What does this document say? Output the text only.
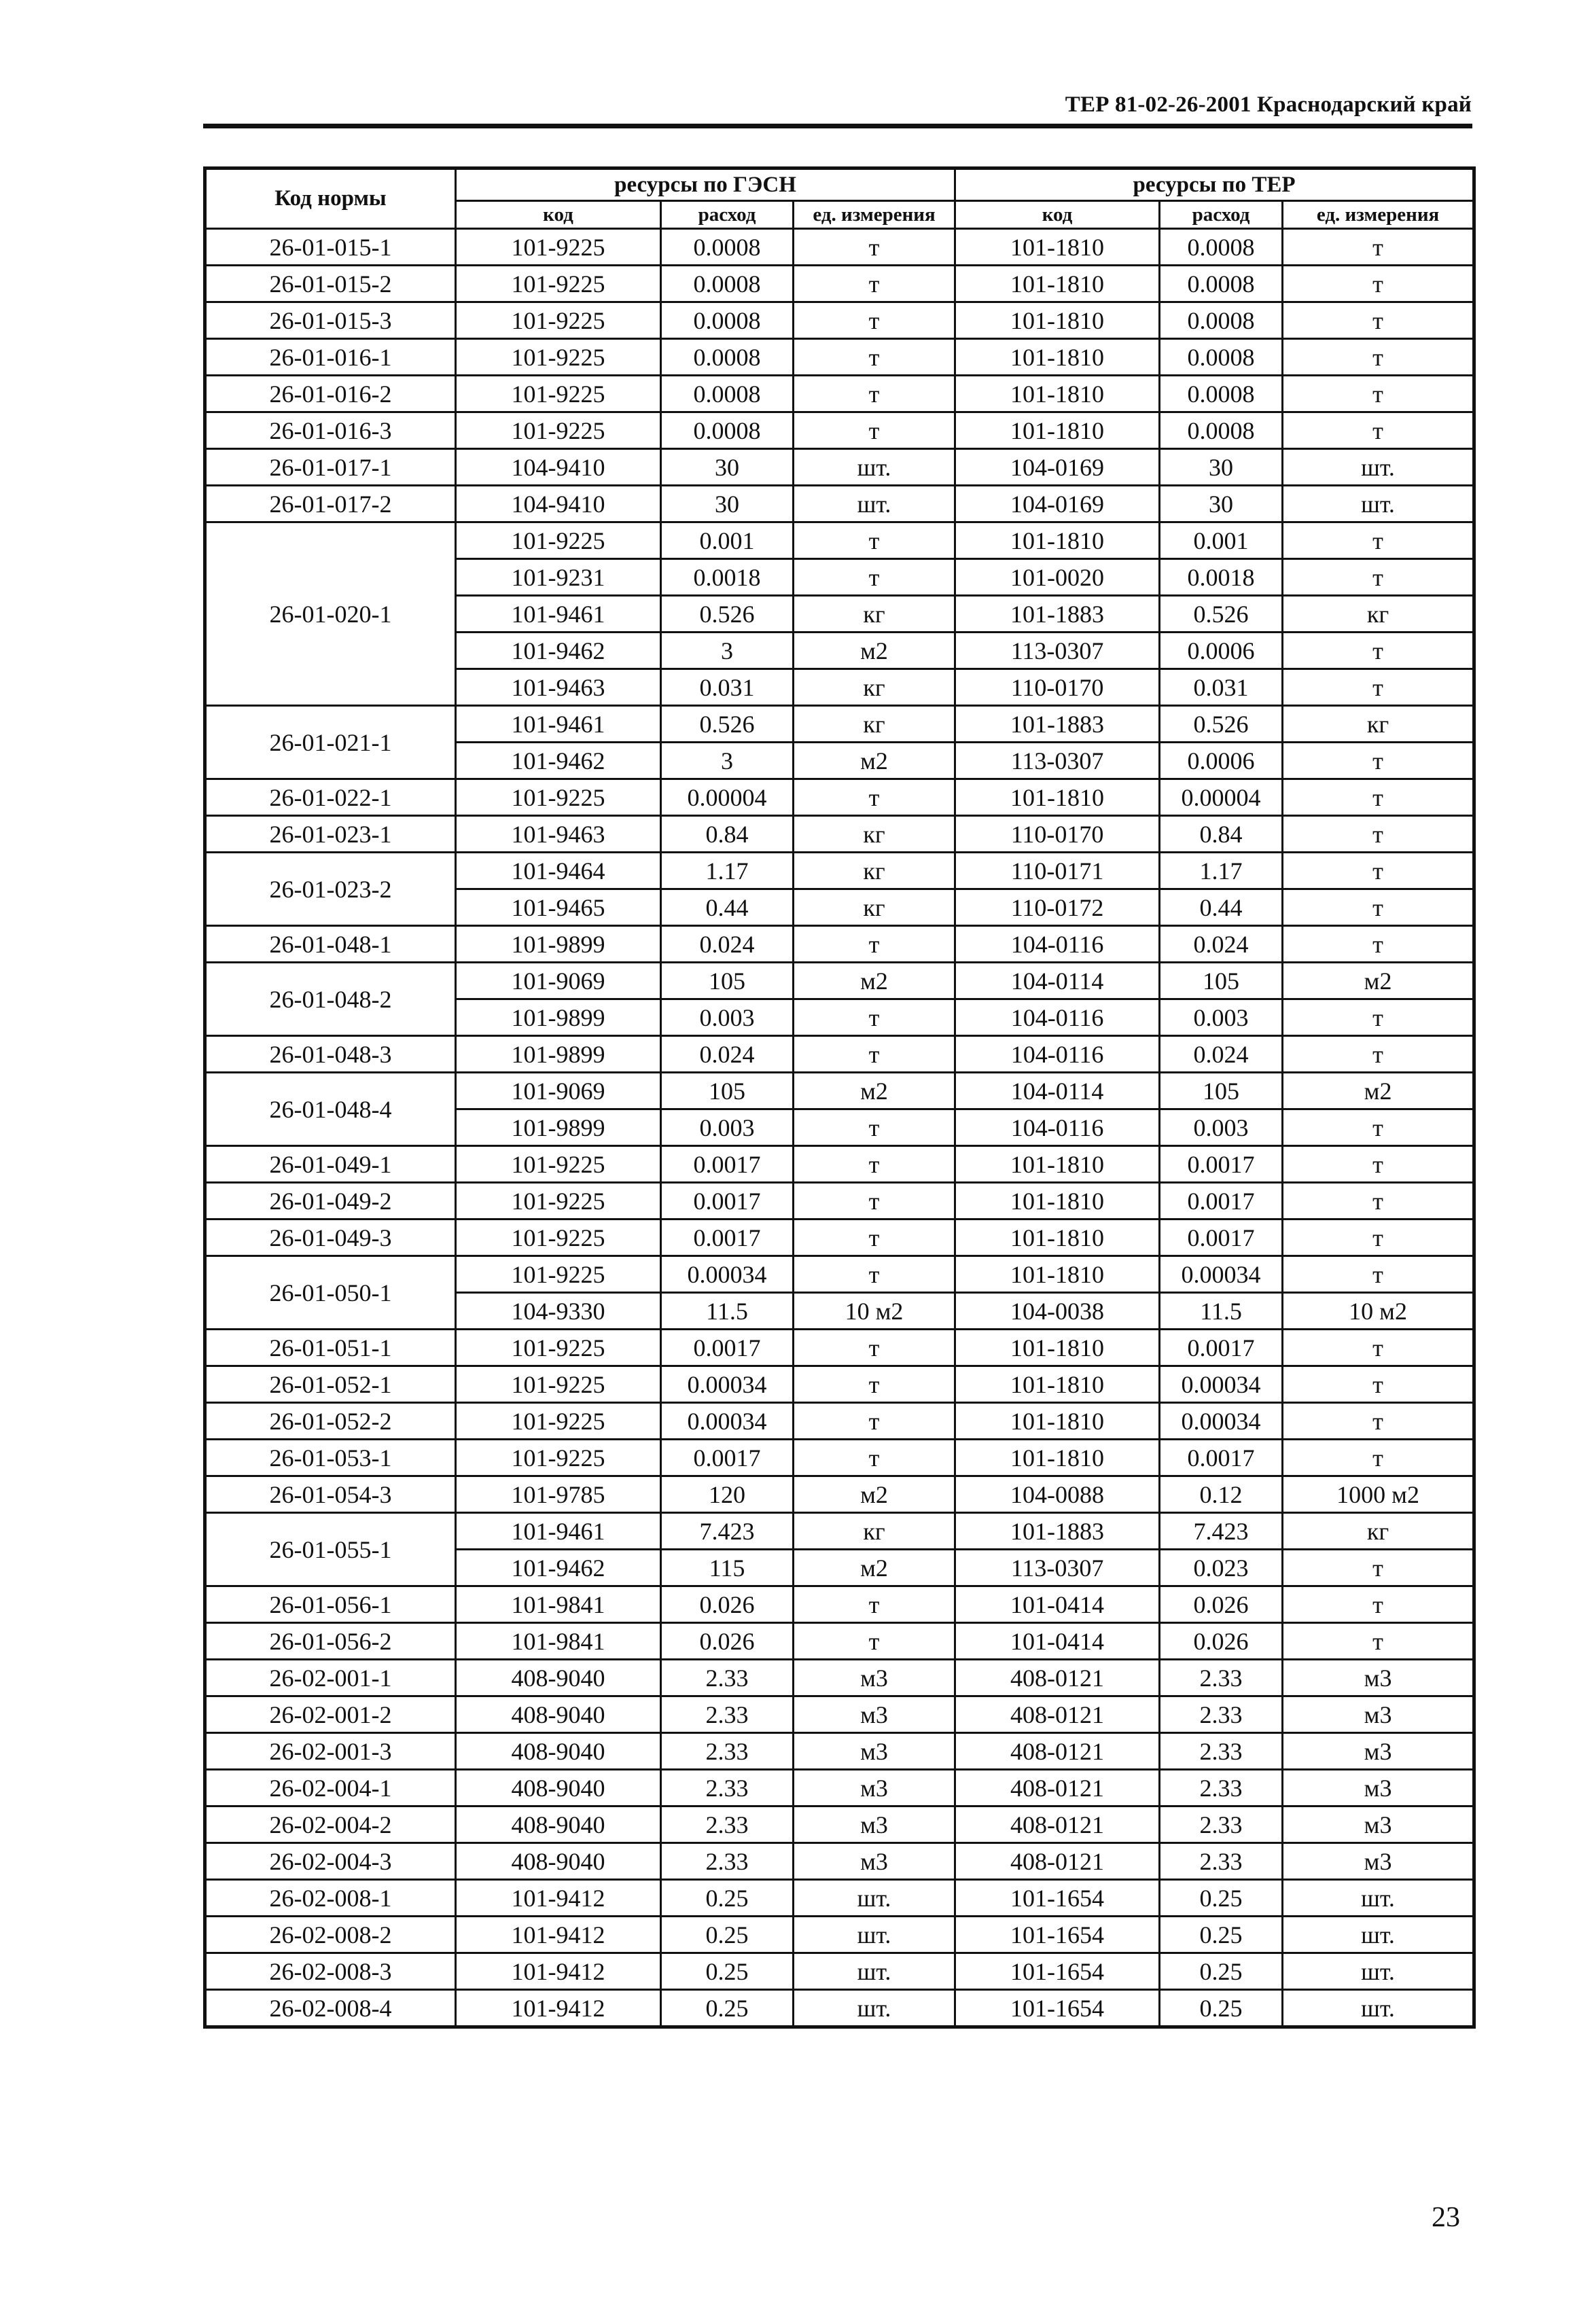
ТЕР 81-02-26-2001 Краснодарский край
Код нормы	ресурсы по ГЭСН			ресурсы по ТЕР		
	код	расход	ед. измерения	код	расход	ед. измерения
26-01-015-1	101-9225	0.0008	т	101-1810	0.0008	т
26-01-015-2	101-9225	0.0008	т	101-1810	0.0008	т
26-01-015-3	101-9225	0.0008	т	101-1810	0.0008	т
26-01-016-1	101-9225	0.0008	т	101-1810	0.0008	т
26-01-016-2	101-9225	0.0008	т	101-1810	0.0008	т
26-01-016-3	101-9225	0.0008	т	101-1810	0.0008	т
26-01-017-1	104-9410	30	шт.	104-0169	30	шт.
26-01-017-2	104-9410	30	шт.	104-0169	30	шт.
26-01-020-1	101-9225	0.001	т	101-1810	0.001	т
	101-9231	0.0018	т	101-0020	0.0018	т
	101-9461	0.526	кг	101-1883	0.526	кг
	101-9462	3	м2	113-0307	0.0006	т
	101-9463	0.031	кг	110-0170	0.031	т
26-01-021-1	101-9461	0.526	кг	101-1883	0.526	кг
	101-9462	3	м2	113-0307	0.0006	т
26-01-022-1	101-9225	0.00004	т	101-1810	0.00004	т
26-01-023-1	101-9463	0.84	кг	110-0170	0.84	т
26-01-023-2	101-9464	1.17	кг	110-0171	1.17	т
	101-9465	0.44	кг	110-0172	0.44	т
26-01-048-1	101-9899	0.024	т	104-0116	0.024	т
26-01-048-2	101-9069	105	м2	104-0114	105	м2
	101-9899	0.003	т	104-0116	0.003	т
26-01-048-3	101-9899	0.024	т	104-0116	0.024	т
26-01-048-4	101-9069	105	м2	104-0114	105	м2
	101-9899	0.003	т	104-0116	0.003	т
26-01-049-1	101-9225	0.0017	т	101-1810	0.0017	т
26-01-049-2	101-9225	0.0017	т	101-1810	0.0017	т
26-01-049-3	101-9225	0.0017	т	101-1810	0.0017	т
26-01-050-1	101-9225	0.00034	т	101-1810	0.00034	т
	104-9330	11.5	10 м2	104-0038	11.5	10 м2
26-01-051-1	101-9225	0.0017	т	101-1810	0.0017	т
26-01-052-1	101-9225	0.00034	т	101-1810	0.00034	т
26-01-052-2	101-9225	0.00034	т	101-1810	0.00034	т
26-01-053-1	101-9225	0.0017	т	101-1810	0.0017	т
26-01-054-3	101-9785	120	м2	104-0088	0.12	1000 м2
26-01-055-1	101-9461	7.423	кг	101-1883	7.423	кг
	101-9462	115	м2	113-0307	0.023	т
26-01-056-1	101-9841	0.026	т	101-0414	0.026	т
26-01-056-2	101-9841	0.026	т	101-0414	0.026	т
26-02-001-1	408-9040	2.33	м3	408-0121	2.33	м3
26-02-001-2	408-9040	2.33	м3	408-0121	2.33	м3
26-02-001-3	408-9040	2.33	м3	408-0121	2.33	м3
26-02-004-1	408-9040	2.33	м3	408-0121	2.33	м3
26-02-004-2	408-9040	2.33	м3	408-0121	2.33	м3
26-02-004-3	408-9040	2.33	м3	408-0121	2.33	м3
26-02-008-1	101-9412	0.25	шт.	101-1654	0.25	шт.
26-02-008-2	101-9412	0.25	шт.	101-1654	0.25	шт.
26-02-008-3	101-9412	0.25	шт.	101-1654	0.25	шт.
26-02-008-4	101-9412	0.25	шт.	101-1654	0.25	шт.
23
